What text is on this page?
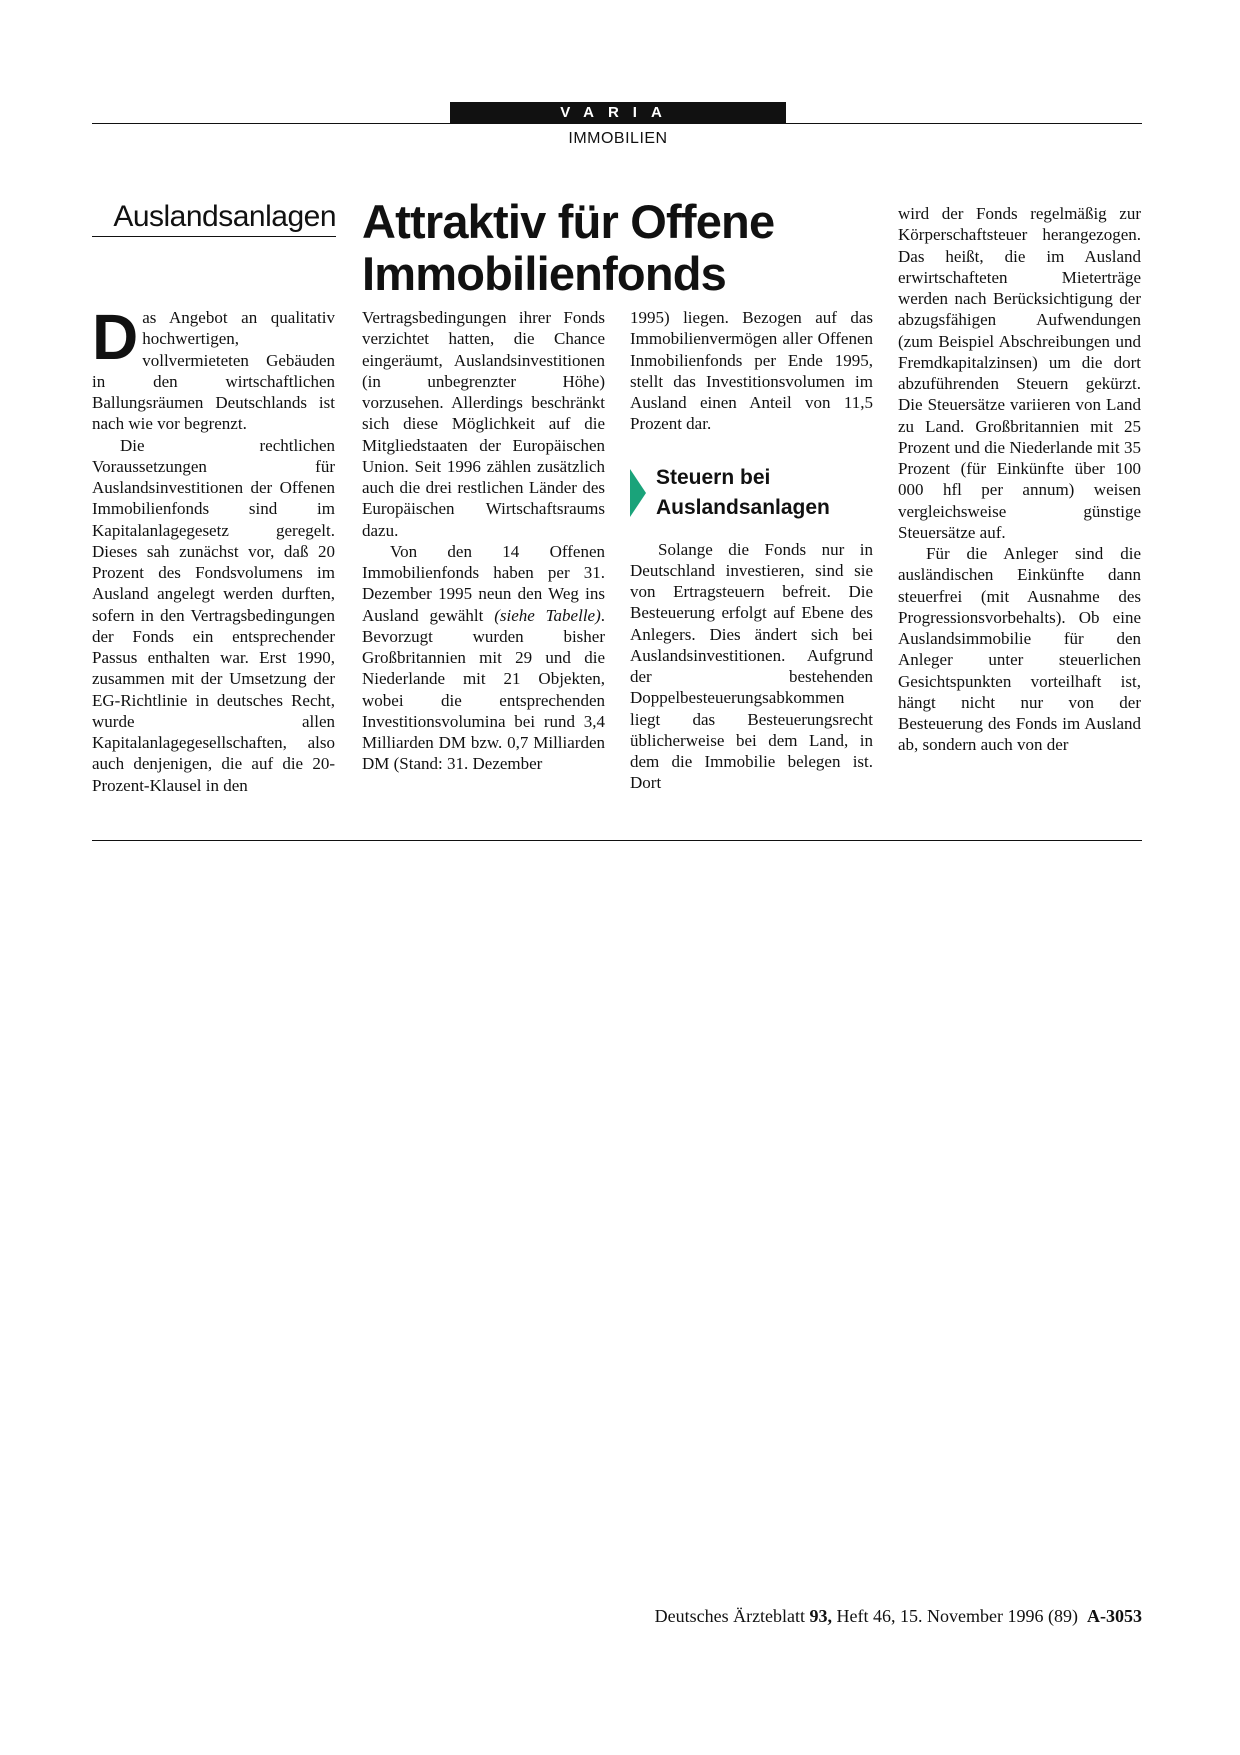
VARIA
IMMOBILIEN
Auslandsanlagen Attraktiv für Offene Immobilienfonds

Das Angebot an qualitativ hochwertigen, vollvermieteten Gebäuden in den wirtschaftlichen Ballungsräumen Deutschlands ist nach wie vor begrenzt.

Die rechtlichen Voraussetzungen für Auslandsinvestitionen der Offenen Immobilienfonds sind im Kapitalanlagegesetz geregelt. Dieses sah zunächst vor, daß 20 Prozent des Fondsvolumens im Ausland angelegt werden durften, sofern in den Vertragsbedingungen der Fonds ein entsprechender Passus enthalten war. Erst 1990, zusammen mit der Umsetzung der EG-Richtlinie in deutsches Recht, wurde allen Kapitalanlagegesellschaften, also auch denjenigen, die auf die 20-Prozent-Klausel in den

Vertragsbedingungen ihrer Fonds verzichtet hatten, die Chance eingeräumt, Auslandsinvestitionen (in unbegrenzter Höhe) vorzusehen. Allerdings beschränkt sich diese Möglichkeit auf die Mitgliedstaaten der Europäischen Union. Seit 1996 zählen zusätzlich auch die drei restlichen Länder des Europäischen Wirtschaftsraums dazu.

Von den 14 Offenen Immobilienfonds haben per 31. Dezember 1995 neun den Weg ins Ausland gewählt (siehe Tabelle). Bevorzugt wurden bisher Großbritannien mit 29 und die Niederlande mit 21 Objekten, wobei die entsprechenden Investitionsvolumina bei rund 3,4 Milliarden DM bzw. 0,7 Milliarden DM (Stand: 31. Dezember

1995) liegen. Bezogen auf das Immobilienvermögen aller Offenen Inmobilienfonds per Ende 1995, stellt das Investitionsvolumen im Ausland einen Anteil von 11,5 Prozent dar.

Steuern bei
Auslandsanlagen

Solange die Fonds nur in Deutschland investieren, sind sie von Ertragsteuern befreit. Die Besteuerung erfolgt auf Ebene des Anlegers. Dies ändert sich bei Auslandsinvestitionen. Aufgrund der bestehenden Doppelbesteuerungsabkommen liegt das Besteuerungsrecht üblicherweise bei dem Land, in dem die Immobilie belegen ist. Dort

wird der Fonds regelmäßig zur Körperschaftsteuer herangezogen. Das heißt, die im Ausland erwirtschafteten Mieterträge werden nach Berücksichtigung der abzugsfähigen Aufwendungen (zum Beispiel Abschreibungen und Fremdkapitalzinsen) um die dort abzuführenden Steuern gekürzt. Die Steuersätze variieren von Land zu Land. Großbritannien mit 25 Prozent und die Niederlande mit 35 Prozent (für Einkünfte über 100 000 hfl per annum) weisen vergleichsweise günstige Steuersätze auf.

Für die Anleger sind die ausländischen Einkünfte dann steuerfrei (mit Ausnahme des Progressionsvorbehalts). Ob eine Auslandsimmobilie für den Anleger unter steuerlichen Gesichtspunkten vorteilhaft ist, hängt nicht nur von der Besteuerung des Fonds im Ausland ab, sondern auch von der

Deutsches Ärzteblatt 93, Heft 46, 15. November 1996 (89) A-3053
